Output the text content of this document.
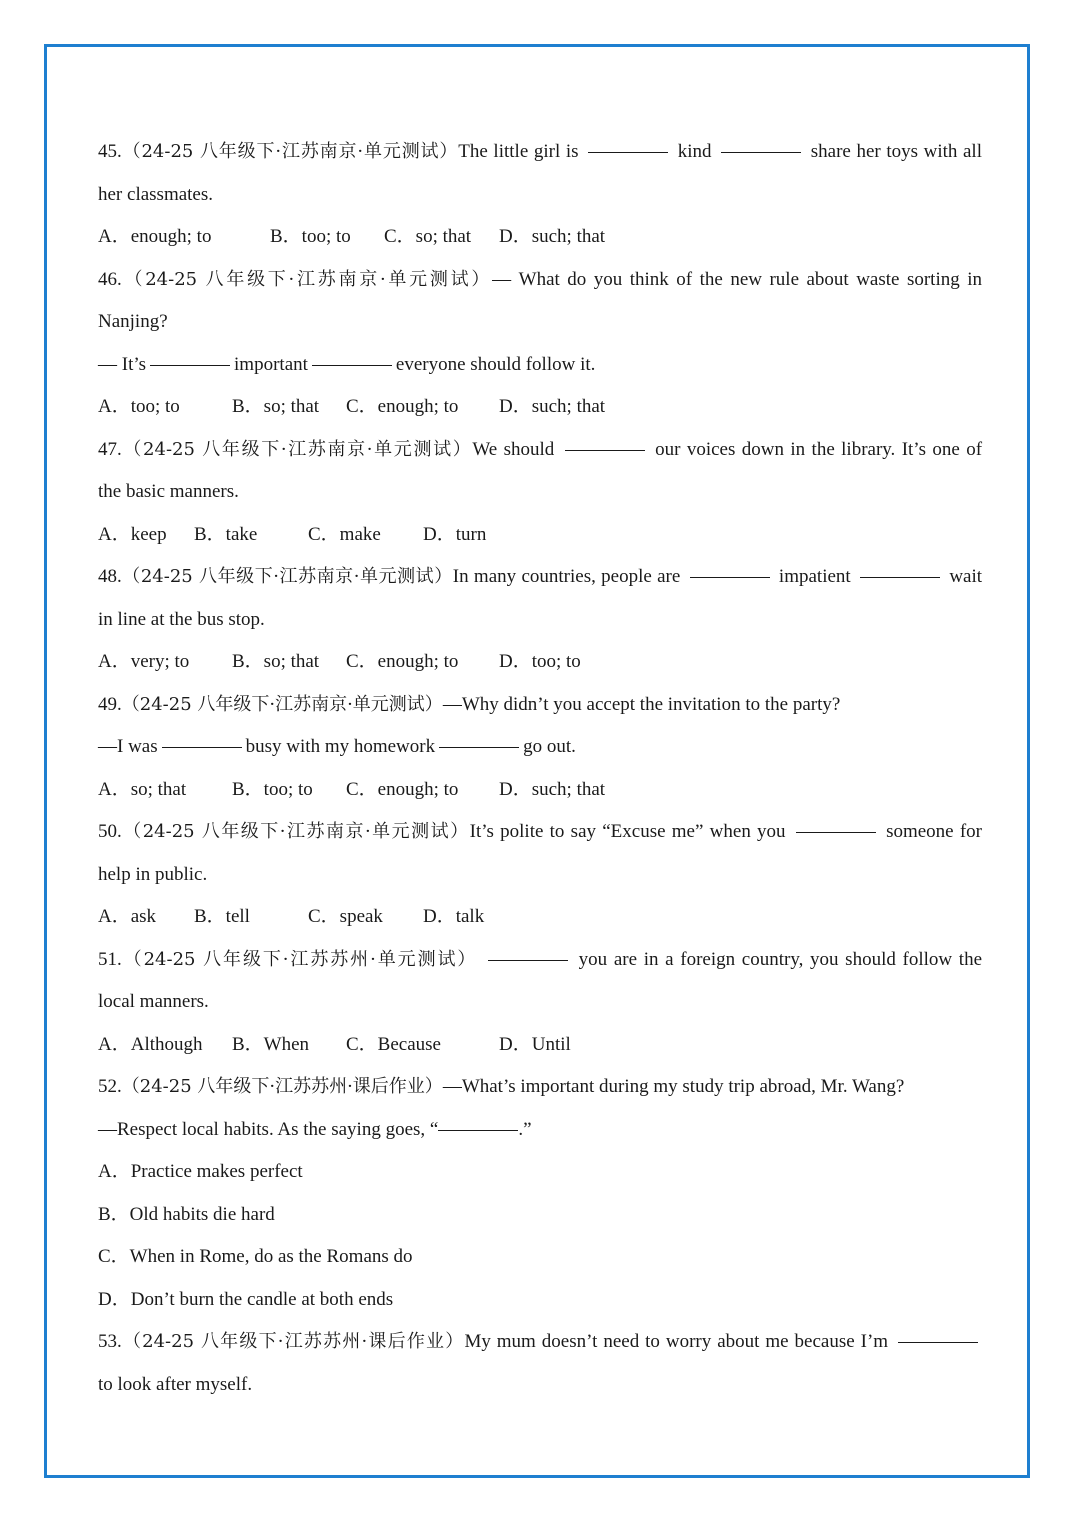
45.（24-25 八年级下·江苏南京·单元测试）The little girl is	kind	share her toys with all
her classmates.
A．enough; to	B．too; to C．so; that D．such; that
46.（24-25 八年级下·江苏南京·单元测试）— What do you think of the new rule about waste sorting in
Nanjing?
— It’s	important	everyone should follow it.
A．too; to	B．so; that C．enough; to D．such; that
47.（24-25 八年级下·江苏南京·单元测试）We should	our voices down in the library. It’s one of
the basic manners.
A．keep B．take	C．make D．turn
48.（24-25 八年级下·江苏南京·单元测试）In many countries, people are	impatient	wait
in line at the bus stop.
A．very; to B．so; that C．enough; to D．too; to
49.（24-25 八年级下·江苏南京·单元测试）—Why didn’t you accept the invitation to the party?
—I was	busy with my homework	go out.
A．so; that B．too; to C．enough; to D．such; that
50.（24-25 八年级下·江苏南京·单元测试）It’s polite to say “Excuse me” when you	someone for
help in public.
A．ask B．tell	C．speak D．talk
51.（24-25 八年级下·江苏苏州·单元测试）	you are in a foreign country, you should follow the
local manners.
A．Although B．When C．Because	D．Until
52.（24-25 八年级下·江苏苏州·课后作业）—What’s important during my study trip abroad, Mr. Wang?
—Respect local habits. As the saying goes, “	.”
A．Practice makes perfect
B．Old habits die hard
C．When in Rome, do as the Romans do
D．Don’t burn the candle at both ends
53.（24-25 八年级下·江苏苏州·课后作业）My mum doesn’t need to worry about me because I’m
to look after myself.
